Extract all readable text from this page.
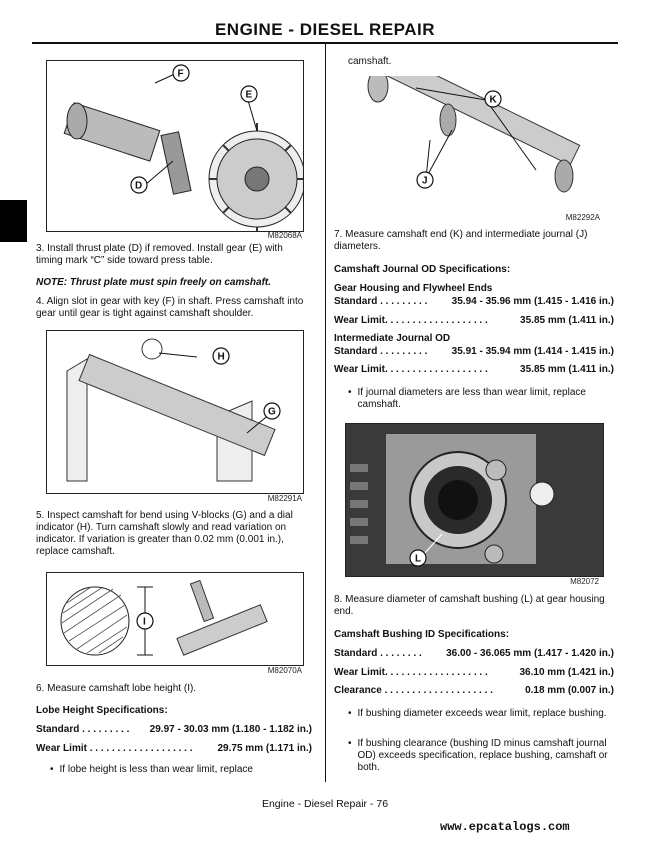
ENGINE - DIESEL REPAIR
F
E
D
M82068A

3. Install thrust plate (D) if removed. Install gear (E) with timing mark “C” side toward press table.

NOTE: Thrust plate must spin freely on camshaft.

4. Align slot in gear with key (F) in shaft. Press camshaft into gear until gear is tight against camshaft shoulder.

H
G
M82291A

5. Inspect camshaft for bend using V-blocks (G) and a dial indicator (H). Turn camshaft slowly and read variation on indicator. If variation is greater than 0.02 mm (0.001 in.), replace camshaft.

I
M82070A

6. Measure camshaft lobe height (I).

Lobe Height Specifications:

Standard . . . . . . . . . 29.97 - 30.03 mm (1.180 - 1.182 in.)
Wear Limit . . . . . . . . . . . . . . . . . . . 29.75 mm (1.171 in.)
• If lobe height is less than wear limit, replace

camshaft.

K
J
M82292A

7. Measure camshaft end (K) and intermediate journal (J) diameters.

Camshaft Journal OD Specifications:

Gear Housing and Flywheel Ends

Standard . . . . . . . . . 35.94 - 35.96 mm (1.415 - 1.416 in.)
Wear Limit. . . . . . . . . . . . . . . . . . .	35.85 mm (1.411 in.)

Intermediate Journal OD

Standard . . . . . . . . . 35.91 - 35.94 mm (1.414 - 1.415 in.)
Wear Limit. . . . . . . . . . . . . . . . . . .	35.85 mm (1.411 in.)
• If journal diameters are less than wear limit, replace camshaft.

L
M82072

8. Measure diameter of camshaft bushing (L) at gear housing end.

Camshaft Bushing ID Specifications:

Standard . . . . . . . . 36.00 - 36.065 mm (1.417 - 1.420 in.)
Wear Limit. . . . . . . . . . . . . . . . . . .	36.10 mm (1.421 in.)
Clearance . . . . . . . . . . . . . . . . . . . .	0.18 mm (0.007 in.)
• If bushing diameter exceeds wear limit, replace bushing.

• If bushing clearance (bushing ID minus camshaft journal OD) exceeds specification, replace bushing, camshaft or both.

Engine - Diesel Repair - 76
www.epcatalogs.com
